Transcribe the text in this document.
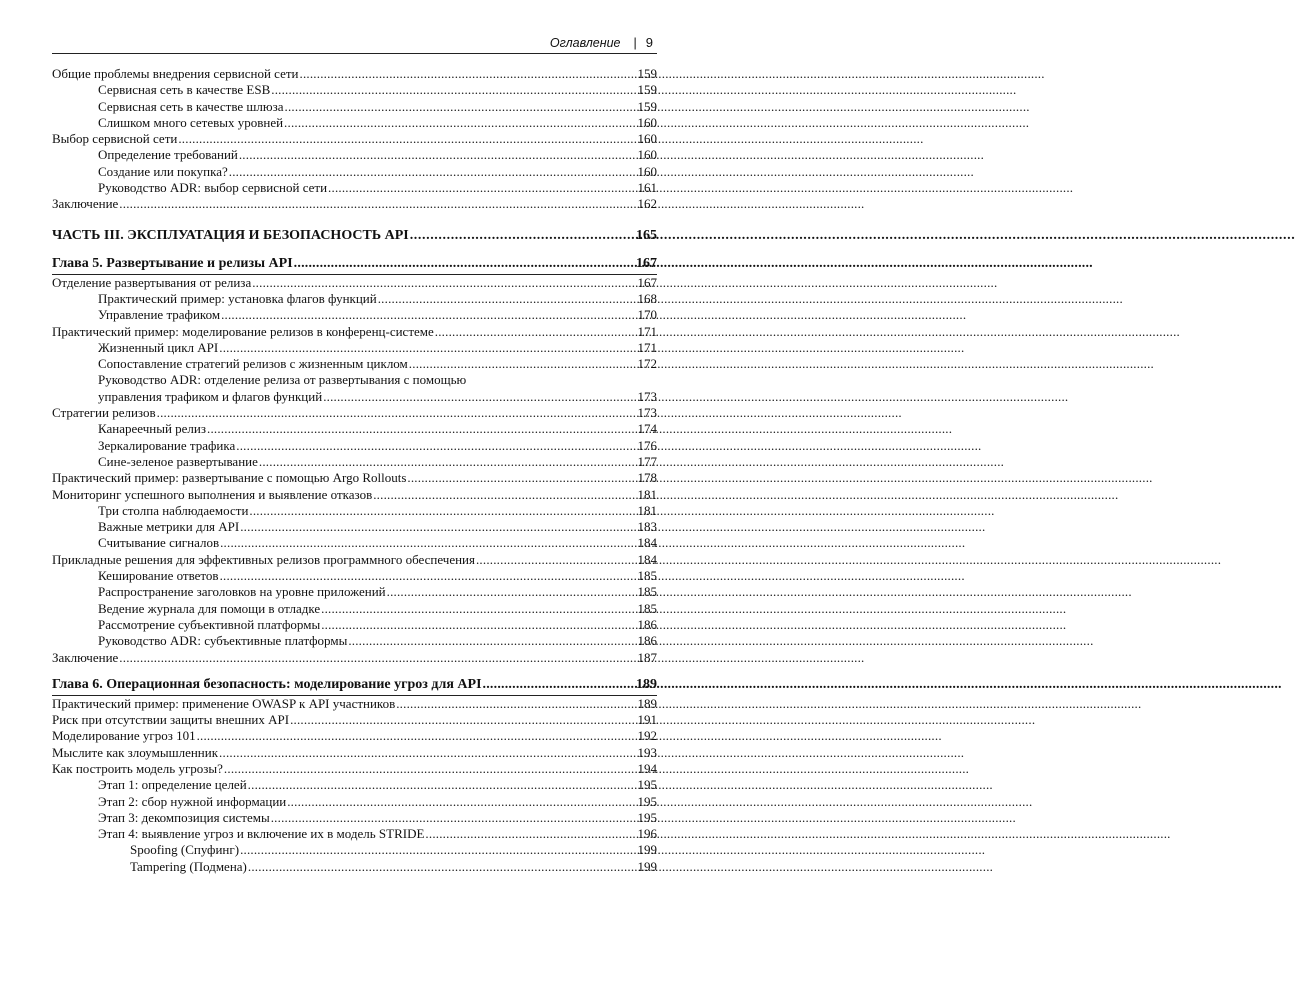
Оглавление | 9
Общие проблемы внедрения сервисной сети .....	159
Сервисная сеть в качестве ESB .....	159
Сервисная сеть в качестве шлюза .....	159
Слишком много сетевых уровней .....	160
Выбор сервисной сети .....	160
Определение требований .....	160
Создание или покупка? .....	160
Руководство ADR: выбор сервисной сети .....	161
Заключение .....	162
ЧАСТЬ III. ЭКСПЛУАТАЦИЯ И БЕЗОПАСНОСТЬ API .....	165
Глава 5. Развертывание и релизы API .....	167
Отделение развертывания от релиза .....	167
Практический пример: установка флагов функций .....	168
Управление трафиком .....	170
Практический пример: моделирование релизов в конференц-системе .....	171
Жизненный цикл API .....	171
Сопоставление стратегий релизов с жизненным циклом .....	172
Руководство ADR: отделение релиза от развертывания с помощью
управления трафиком и флагов функций .....	173
Стратегии релизов .....	173
Канареечный релиз .....	174
Зеркалирование трафика .....	176
Сине-зеленое развертывание .....	177
Практический пример: развертывание с помощью Argo Rollouts .....	178
Мониторинг успешного выполнения и выявление отказов .....	181
Три столпа наблюдаемости .....	181
Важные метрики для API .....	183
Считывание сигналов .....	184
Прикладные решения для эффективных релизов программного обеспечения .....	184
Кеширование ответов .....	185
Распространение заголовков на уровне приложений .....	185
Ведение журнала для помощи в отладке .....	185
Рассмотрение субъективной платформы .....	186
Руководство ADR: субъективные платформы .....	186
Заключение .....	187
Глава 6. Операционная безопасность: моделирование угроз для API .....	189
Практический пример: применение OWASP к API участников .....	189
Риск при отсутствии защиты внешних API .....	191
Моделирование угроз 101 .....	192
Мыслите как злоумышленник .....	193
Как построить модель угрозы? .....	194
Этап 1: определение целей .....	195
Этап 2: сбор нужной информации .....	195
Этап 3: декомпозиция системы .....	195
Этап 4: выявление угроз и включение их в модель STRIDE .....	196
Spoofing (Спуфинг) .....	199
Tampering (Подмена) .....	199
